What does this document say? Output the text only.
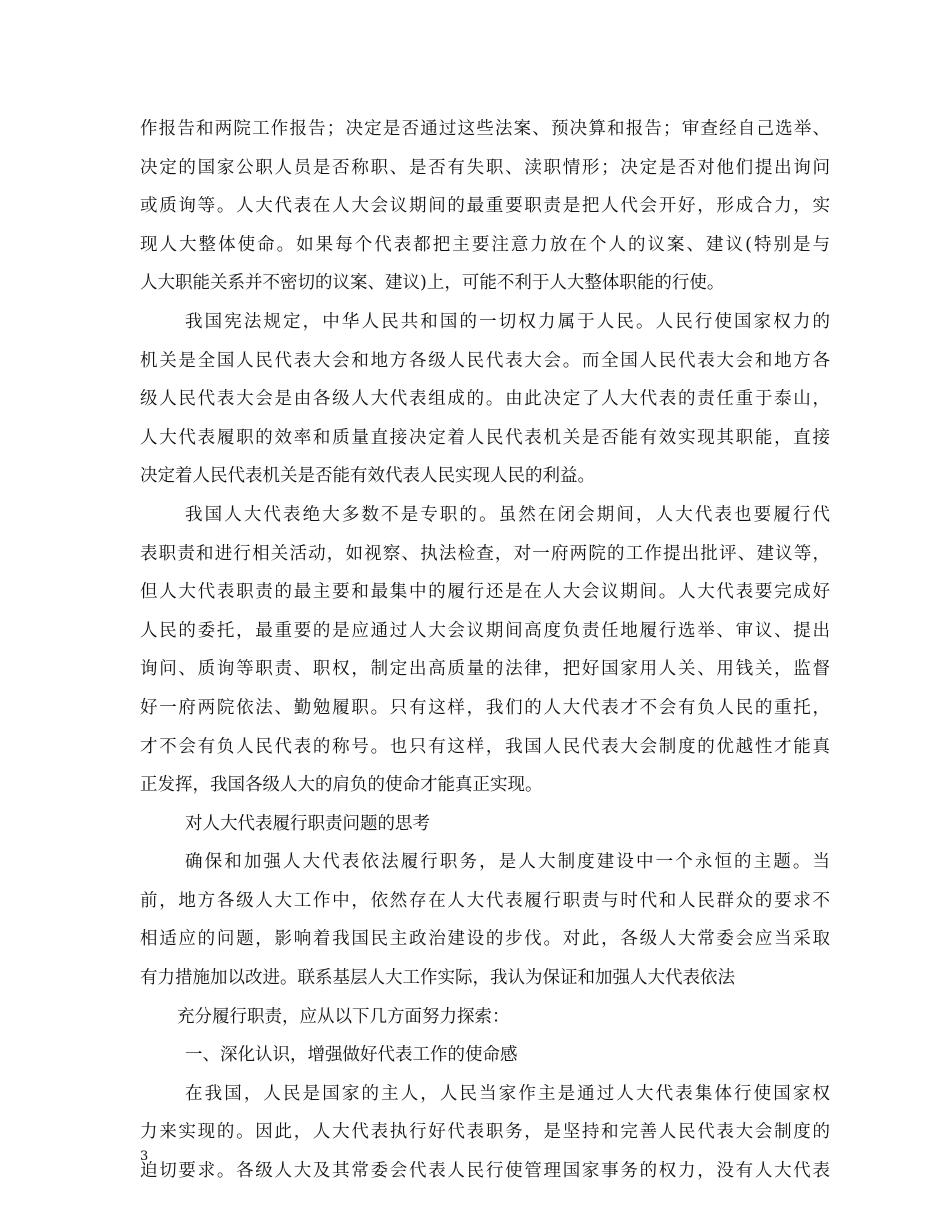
作报告和两院工作报告；决定是否通过这些法案、预决算和报告；审查经自己选举、
决定的国家公职人员是否称职、是否有失职、渎职情形；决定是否对他们提出询问
或质询等。人大代表在人大会议期间的最重要职责是把人代会开好，形成合力，实
现人大整体使命。如果每个代表都把主要注意力放在个人的议案、建议(特别是与
人大职能关系并不密切的议案、建议)上，可能不利于人大整体职能的行使。
我国宪法规定，中华人民共和国的一切权力属于人民。人民行使国家权力的
机关是全国人民代表大会和地方各级人民代表大会。而全国人民代表大会和地方各
级人民代表大会是由各级人大代表组成的。由此决定了人大代表的责任重于泰山，
人大代表履职的效率和质量直接决定着人民代表机关是否能有效实现其职能，直接
决定着人民代表机关是否能有效代表人民实现人民的利益。
我国人大代表绝大多数不是专职的。虽然在闭会期间，人大代表也要履行代
表职责和进行相关活动，如视察、执法检查，对一府两院的工作提出批评、建议等，
但人大代表职责的最主要和最集中的履行还是在人大会议期间。人大代表要完成好
人民的委托，最重要的是应通过人大会议期间高度负责任地履行选举、审议、提出
询问、质询等职责、职权，制定出高质量的法律，把好国家用人关、用钱关，监督
好一府两院依法、勤勉履职。只有这样，我们的人大代表才不会有负人民的重托，
才不会有负人民代表的称号。也只有这样，我国人民代表大会制度的优越性才能真
正发挥，我国各级人大的肩负的使命才能真正实现。
对人大代表履行职责问题的思考
确保和加强人大代表依法履行职务，是人大制度建设中一个永恒的主题。当
前，地方各级人大工作中，依然存在人大代表履行职责与时代和人民群众的要求不
相适应的问题，影响着我国民主政治建设的步伐。对此，各级人大常委会应当采取
有力措施加以改进。联系基层人大工作实际，我认为保证和加强人大代表依法
充分履行职责，应从以下几方面努力探索：
一、深化认识，增强做好代表工作的使命感
在我国，人民是国家的主人，人民当家作主是通过人大代表集体行使国家权
力来实现的。因此，人大代表执行好代表职务，是坚持和完善人民代表大会制度的
迫切要求。各级人大及其常委会代表人民行使管理国家事务的权力，没有人大代表
3
